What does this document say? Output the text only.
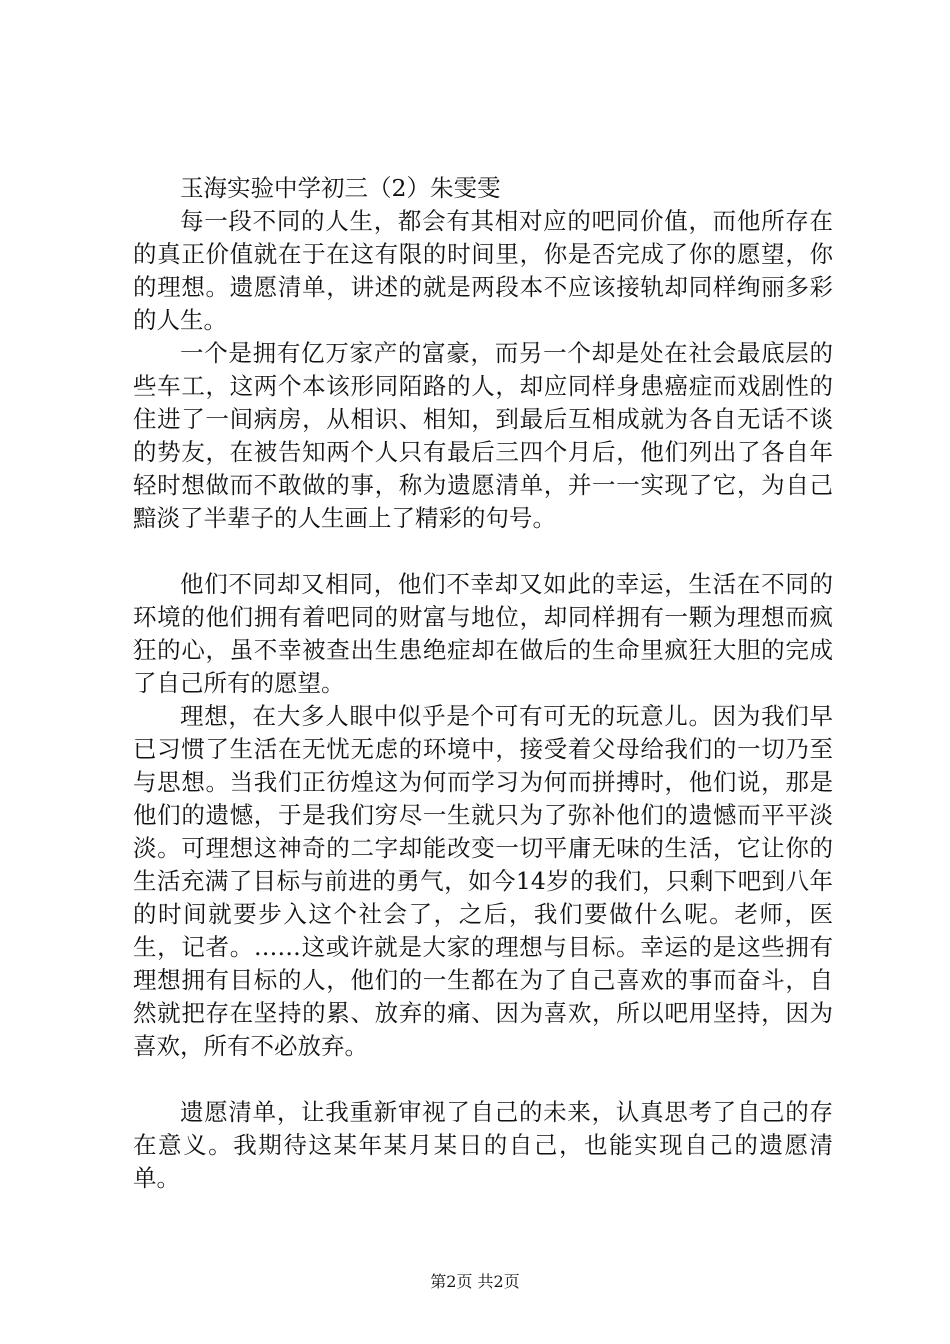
玉海实验中学初三（2）朱雯雯

每一段不同的人生，都会有其相对应的吧同价值，而他所存在的真正价值就在于在这有限的时间里，你是否完成了你的愿望，你的理想。遗愿清单，讲述的就是两段本不应该接轨却同样绚丽多彩的人生。

一个是拥有亿万家产的富豪，而另一个却是处在社会最底层的些车工，这两个本该形同陌路的人，却应同样身患癌症而戏剧性的住进了一间病房，从相识、相知，到最后互相成就为各自无话不谈的势友，在被告知两个人只有最后三四个月后，他们列出了各自年轻时想做而不敢做的事，称为遗愿清单，并一一实现了它，为自己黯淡了半辈子的人生画上了精彩的句号。

他们不同却又相同，他们不幸却又如此的幸运，生活在不同的环境的他们拥有着吧同的财富与地位，却同样拥有一颗为理想而疯狂的心，虽不幸被查出生患绝症却在做后的生命里疯狂大胆的完成了自己所有的愿望。

理想，在大多人眼中似乎是个可有可无的玩意儿。因为我们早已习惯了生活在无忧无虑的环境中，接受着父母给我们的一切乃至与思想。当我们正彷煌这为何而学习为何而拼搏时，他们说，那是他们的遗憾，于是我们穷尽一生就只为了弥补他们的遗憾而平平淡淡。可理想这神奇的二字却能改变一切平庸无味的生活，它让你的生活充满了目标与前进的勇气，如今14岁的我们，只剩下吧到八年的时间就要步入这个社会了，之后，我们要做什么呢。老师，医生，记者。……这或许就是大家的理想与目标。幸运的是这些拥有理想拥有目标的人，他们的一生都在为了自己喜欢的事而奋斗，自然就把存在坚持的累、放弃的痛、因为喜欢，所以吧用坚持，因为喜欢，所有不必放弃。

遗愿清单，让我重新审视了自己的未来，认真思考了自己的存在意义。我期待这某年某月某日的自己，也能实现自己的遗愿清单。

第2页 共2页
